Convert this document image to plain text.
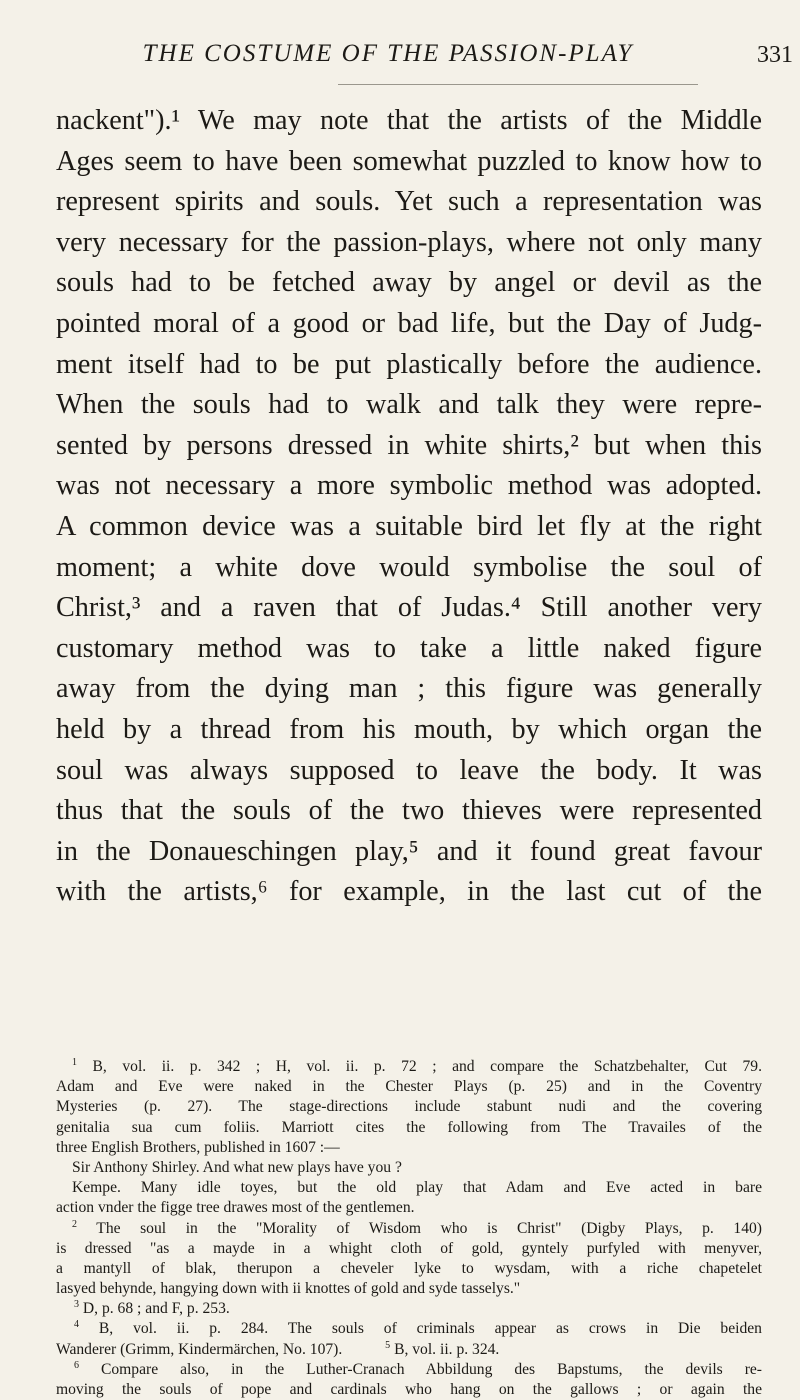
THE COSTUME OF THE PASSION-PLAY	331
nackent").¹ We may note that the artists of the Middle
Ages seem to have been somewhat puzzled to know how to
represent spirits and souls. Yet such a representation was
very necessary for the passion-plays, where not only many
souls had to be fetched away by angel or devil as the
pointed moral of a good or bad life, but the Day of Judg-
ment itself had to be put plastically before the audience.
When the souls had to walk and talk they were repre-
sented by persons dressed in white shirts,² but when this
was not necessary a more symbolic method was adopted.
A common device was a suitable bird let fly at the right
moment; a white dove would symbolise the soul of
Christ,³ and a raven that of Judas.⁴ Still another very
customary method was to take a little naked figure
away from the dying man ; this figure was generally
held by a thread from his mouth, by which organ the
soul was always supposed to leave the body. It was
thus that the souls of the two thieves were represented
in the Donaueschingen play,⁵ and it found great favour
with the artists,⁶ for example, in the last cut of the
$^1$ B, vol. ii. p. 342 ; H, vol. ii. p. 72 ; and compare the Schatzbehalter, Cut 79.
Adam and Eve were naked in the Chester Plays (p. 25) and in the Coventry
Mysteries (p. 27). The stage-directions include stabunt nudi and the covering
genitalia sua cum foliis. Marriott cites the following from The Travailes of the
three English Brothers, published in 1607 :—
Sir Anthony Shirley. And what new plays have you ?
Kempe. Many idle toyes, but the old play that Adam and Eve acted in bare
action vnder the figge tree drawes most of the gentlemen.
$^2$ The soul in the "Morality of Wisdom who is Christ" (Digby Plays, p. 140)
is dressed "as a mayde in a whight cloth of gold, gyntely purfyled with menyver,
a mantyll of blak, therupon a cheveler lyke to wysdam, with a riche chapetelet
lasyed behynde, hangying down with ii knottes of gold and syde tasselys."
$^3$ D, p. 68 ; and F, p. 253.
$^4$ B, vol. ii. p. 284. The souls of criminals appear as crows in Die beiden
Wanderer (Grimm, Kindermärchen, No. 107).	$^5$ B, vol. ii. p. 324.
$^6$ Compare also, in the Luther-Cranach Abbildung des Bapstums, the devils re-
moving the souls of pope and cardinals who hang on the gallows ; or again the
